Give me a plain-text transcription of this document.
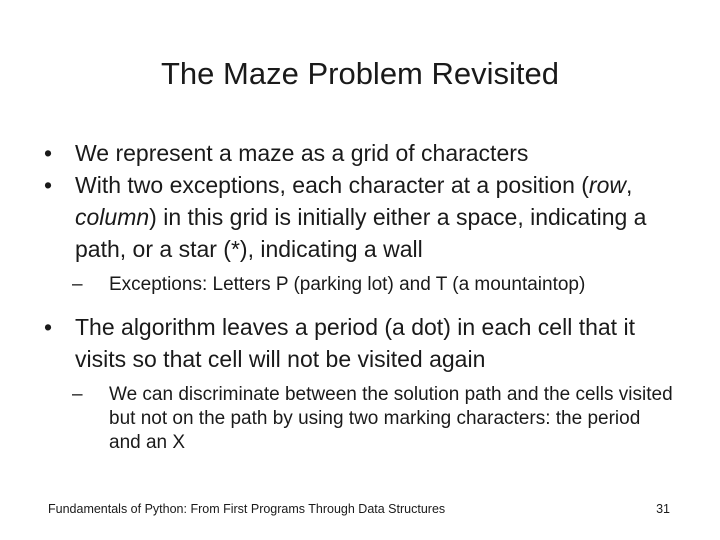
The Maze Problem Revisited

• We represent a maze as a grid of characters

• With two exceptions, each character at a position (row, column) in this grid is initially either a space, indicating a path, or a star (*), indicating a wall

– Exceptions: Letters P (parking lot) and T (a mountaintop)

• The algorithm leaves a period (a dot) in each cell that it visits so that cell will not be visited again

– We can discriminate between the solution path and the cells visited but not on the path by using two marking characters: the period and an X

Fundamentals of Python: From First Programs Through Data Structures	31
